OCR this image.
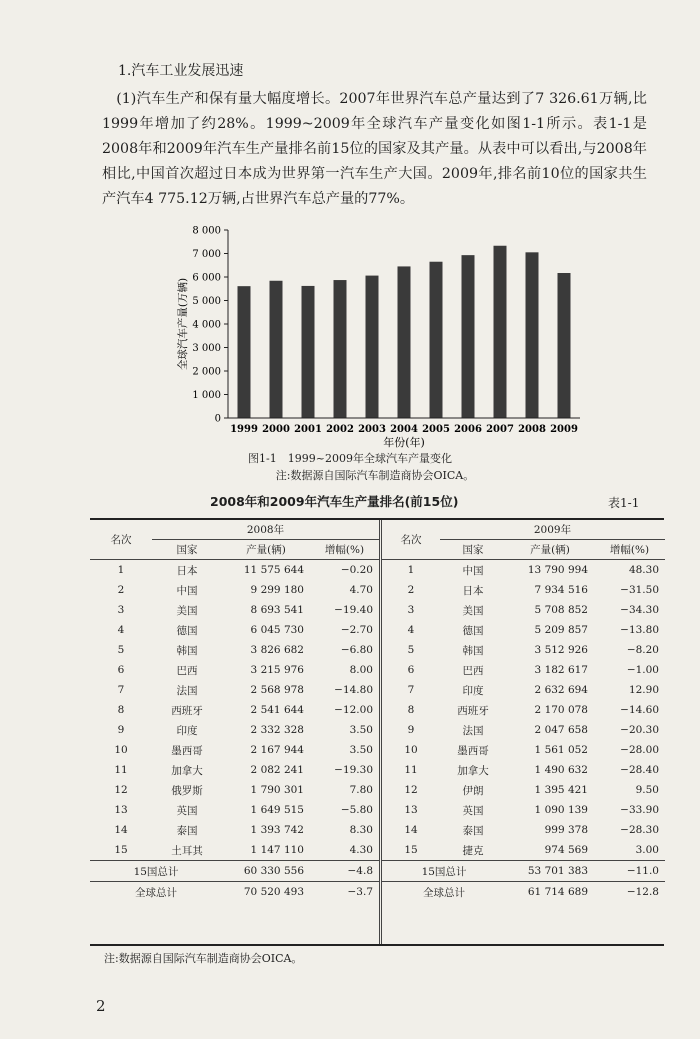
1.汽车工业发展迅速
(1)汽车生产和保有量大幅度增长。2007年世界汽车总产量达到了7 326.61万辆,比1999年增加了约28%。1999~2009年全球汽车产量变化如图1-1所示。表1-1是2008年和2009年汽车生产量排名前15位的国家及其产量。从表中可以看出,与2008年相比,中国首次超过日本成为世界第一汽车生产大国。2009年,排名前10位的国家共生产汽车4 775.12万辆,占世界汽车总产量的77%。
0
1 000
2 000
3 000
4 000
5 000
6 000
7 000
8 000
1999 2000 2001 2002 2003 2004 2005 2006 2007 2008 2009
全球汽车产量(万辆)
年份(年)
图1-1　1999~2009年全球汽车产量变化
注:数据源自国际汽车制造商协会OICA。
2008年和2009年汽车生产量排名(前15位)	表1-1
名次	2008年		
	国家	产量(辆)	增幅(%)
1	日本	11 575 644	−0.20
2	中国	9 299 180	4.70
3	美国	8 693 541	−19.40
4	德国	6 045 730	−2.70
5	韩国	3 826 682	−6.80
6	巴西	3 215 976	8.00
7	法国	2 568 978	−14.80
8	西班牙	2 541 644	−12.00
9	印度	2 332 328	3.50
10	墨西哥	2 167 944	3.50
11	加拿大	2 082 241	−19.30
12	俄罗斯	1 790 301	7.80
13	英国	1 649 515	−5.80
14	泰国	1 393 742	8.30
15	土耳其	1 147 110	4.30
15国总计		60 330 556	−4.8
全球总计		70 520 493	−3.7
名次	2009年		
	国家	产量(辆)	增幅(%)
1	中国	13 790 994	48.30
2	日本	7 934 516	−31.50
3	美国	5 708 852	−34.30
4	德国	5 209 857	−13.80
5	韩国	3 512 926	−8.20
6	巴西	3 182 617	−1.00
7	印度	2 632 694	12.90
8	西班牙	2 170 078	−14.60
9	法国	2 047 658	−20.30
10	墨西哥	1 561 052	−28.00
11	加拿大	1 490 632	−28.40
12	伊朗	1 395 421	9.50
13	英国	1 090 139	−33.90
14	泰国	999 378	−28.30
15	捷克	974 569	3.00
15国总计		53 701 383	−11.0
全球总计		61 714 689	−12.8
注:数据源自国际汽车制造商协会OICA。
2
